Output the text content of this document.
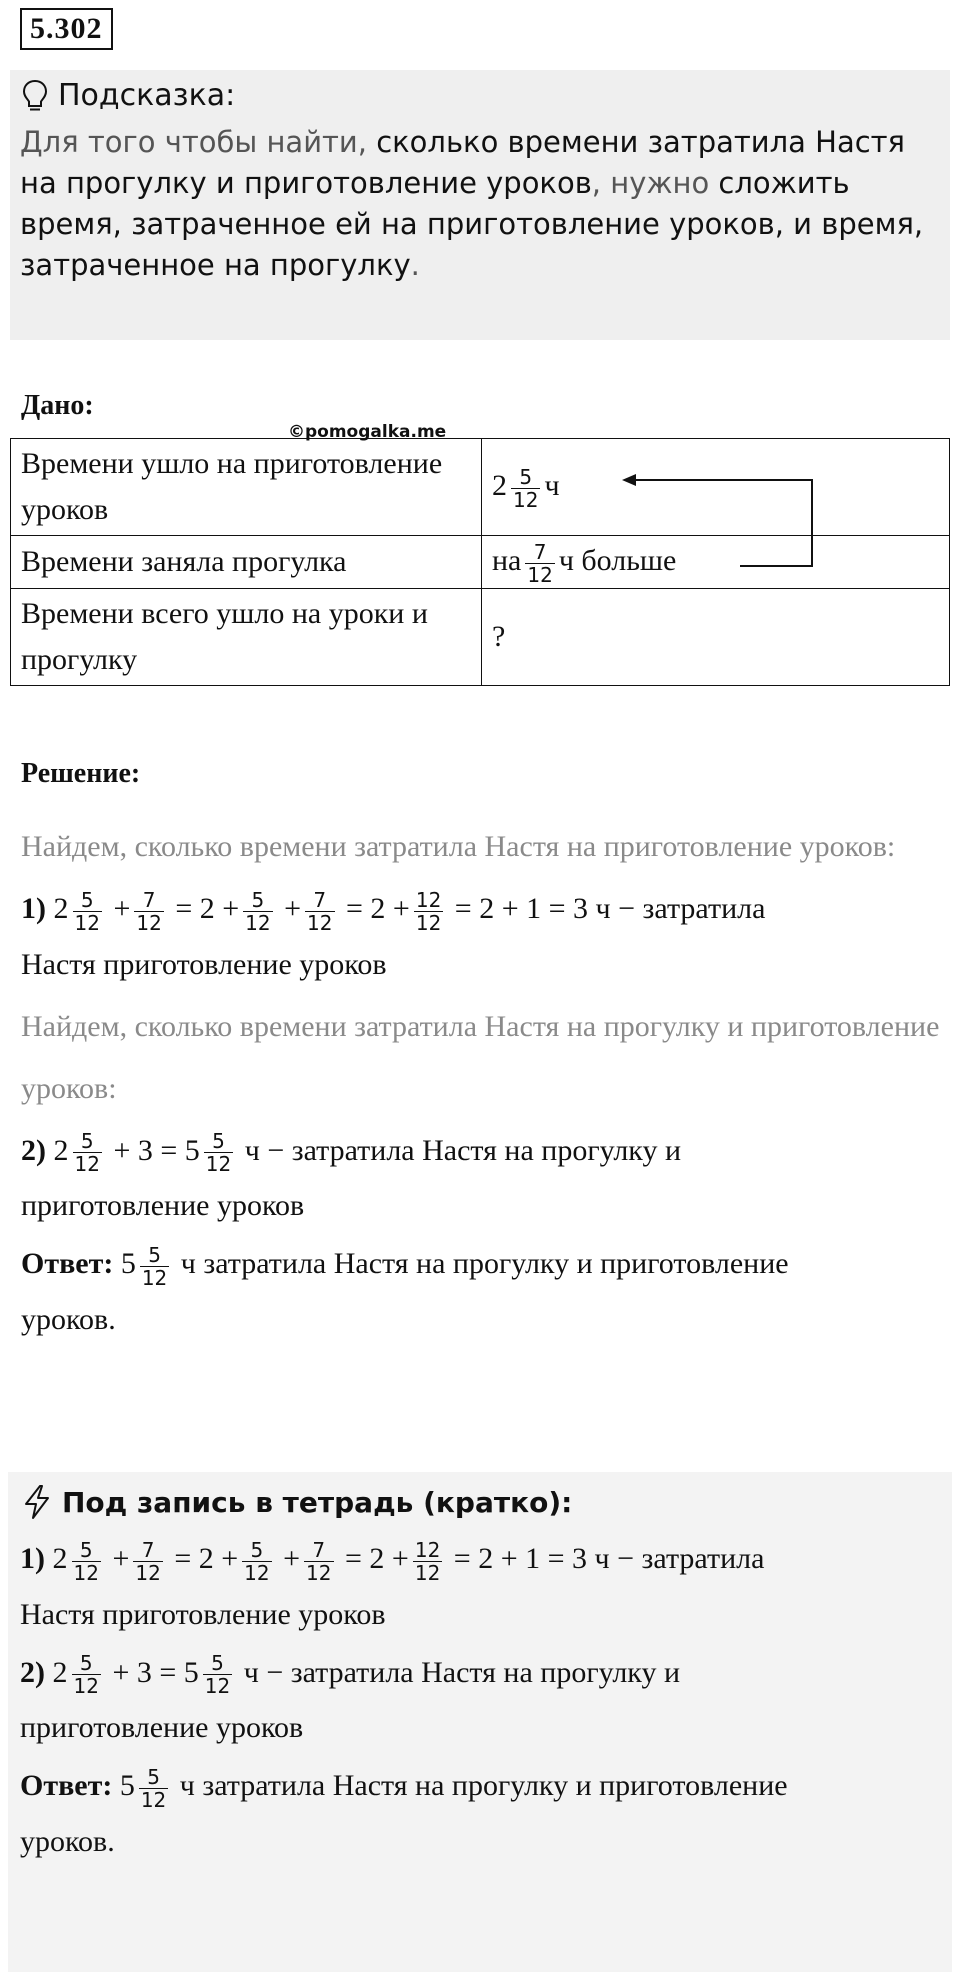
5.302
Подсказка:
Для того чтобы найти, сколько времени затратила Настя на прогулку и приготовление уроков, нужно сложить время, затраченное ей на приготовление уроков, и время, затраченное на прогулку.
Дано:
©pomogalka.me
Времени ушло на приготовление уроков	$2 \frac{5}{12}$ ч
Времени заняла прогулка	на $\frac{7}{12}$ ч больше
Времени всего ушло на уроки и прогулку	?
Решение:
Найдем, сколько времени затратила Настя на приготовление уроков:
1) $2 \frac{5}{12} + \frac{7}{12} = 2 + \frac{5}{12} + \frac{7}{12} = 2 + \frac{12}{12} = 2 + 1 = 3$ ч − затратила
Настя приготовление уроков
Найдем, сколько времени затратила Настя на прогулку и приготовление уроков:
2) $2 \frac{5}{12} + 3 = 5 \frac{5}{12}$ ч − затратила Настя на прогулку и
приготовление уроков
Ответ: $5 \frac{5}{12}$ ч затратила Настя на прогулку и приготовление
уроков.
Под запись в тетрадь (кратко):
1) $2 \frac{5}{12} + \frac{7}{12} = 2 + \frac{5}{12} + \frac{7}{12} = 2 + \frac{12}{12} = 2 + 1 = 3$ ч − затратила
Настя приготовление уроков
2) $2 \frac{5}{12} + 3 = 5 \frac{5}{12}$ ч − затратила Настя на прогулку и
приготовление уроков
Ответ: $5 \frac{5}{12}$ ч затратила Настя на прогулку и приготовление
уроков.
